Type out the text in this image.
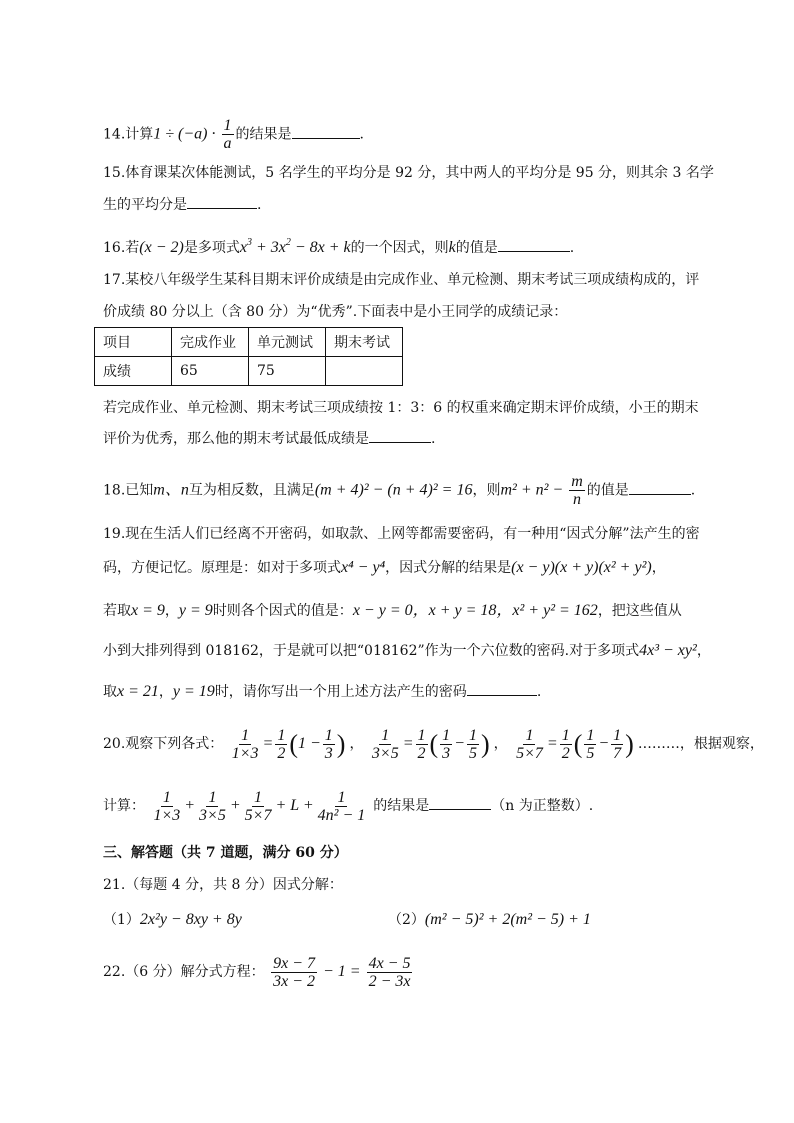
14.计算$1 \div (-a) \cdot \frac{1}{a}$ 的结果是	.
15.体育课某次体能测试，5 名学生的平均分是 92 分，其中两人的平均分是 95 分，则其余 3 名学
生的平均分是	.
16.若(x − 2)是多项式$x^3 + 3x^2 - 8x + k$的一个因式，则k的值是	.
17.某校八年级学生某科目期末评价成绩是由完成作业、单元检测、期末考试三项成绩构成的，评
价成绩 80 分以上（含 80 分）为“优秀”.下面表中是小王同学的成绩记录：
项目	完成作业	单元测试	期末考试
成绩	65	75	
若完成作业、单元检测、期末考试三项成绩按 1：3：6 的权重来确定期末评价成绩，小王的期末
评价为优秀，那么他的期末考试最低成绩是	.
18.已知m、n互为相反数，且满足(m + 4)² − (n + 4)² = 16，则$m^2 + n^2 - \frac{m}{n}$ 的值是	.
19.现在生活人们已经离不开密码，如取款、上网等都需要密码，有一种用“因式分解”法产生的密
码，方便记忆。原理是：如对于多项式x⁴ − y⁴，因式分解的结果是(x − y)(x + y)(x² + y²)，
若取x = 9，y = 9时则各个因式的值是：x − y = 0，x + y = 18，x² + y² = 162，把这些值从
小到大排列得到 018162，于是就可以把“018162”作为一个六位数的密码.对于多项式4x³ − xy²，
取x = 21，y = 19时，请你写出一个用上述方法产生的密码	.
20.观察下列各式： $\frac{1}{1\times 3} = \frac{1}{2} (1 - \frac{1}{3}$ ) ， $\frac{1}{3\times 5} = \frac{1}{2}$ ( $\frac{1}{3} - \frac{1}{5}$ ) ， $\frac{1}{5\times 7} = \frac{1}{2}$ ( $\frac{1}{5} - \frac{1}{7}$ ) ………，根据观察，
计算： $\frac{1}{1\times 3} + \frac{1}{3\times 5} + \frac{1}{5\times 7} + L + \frac{1}{\text{4n² − 1}}$ 的结果是	（n 为正整数）.
三、解答题（共 7 道题，满分 60 分）
21.（每题 4 分，共 8 分）因式分解：
（1）2x²y − 8xy + 8y	（2）(m² − 5)² + 2(m² − 5) + 1
22.（6 分）解分式方程： $\frac{9x - 7}{3x - 2} - 1 = \frac{4x - 5}{2 - 3x}$
